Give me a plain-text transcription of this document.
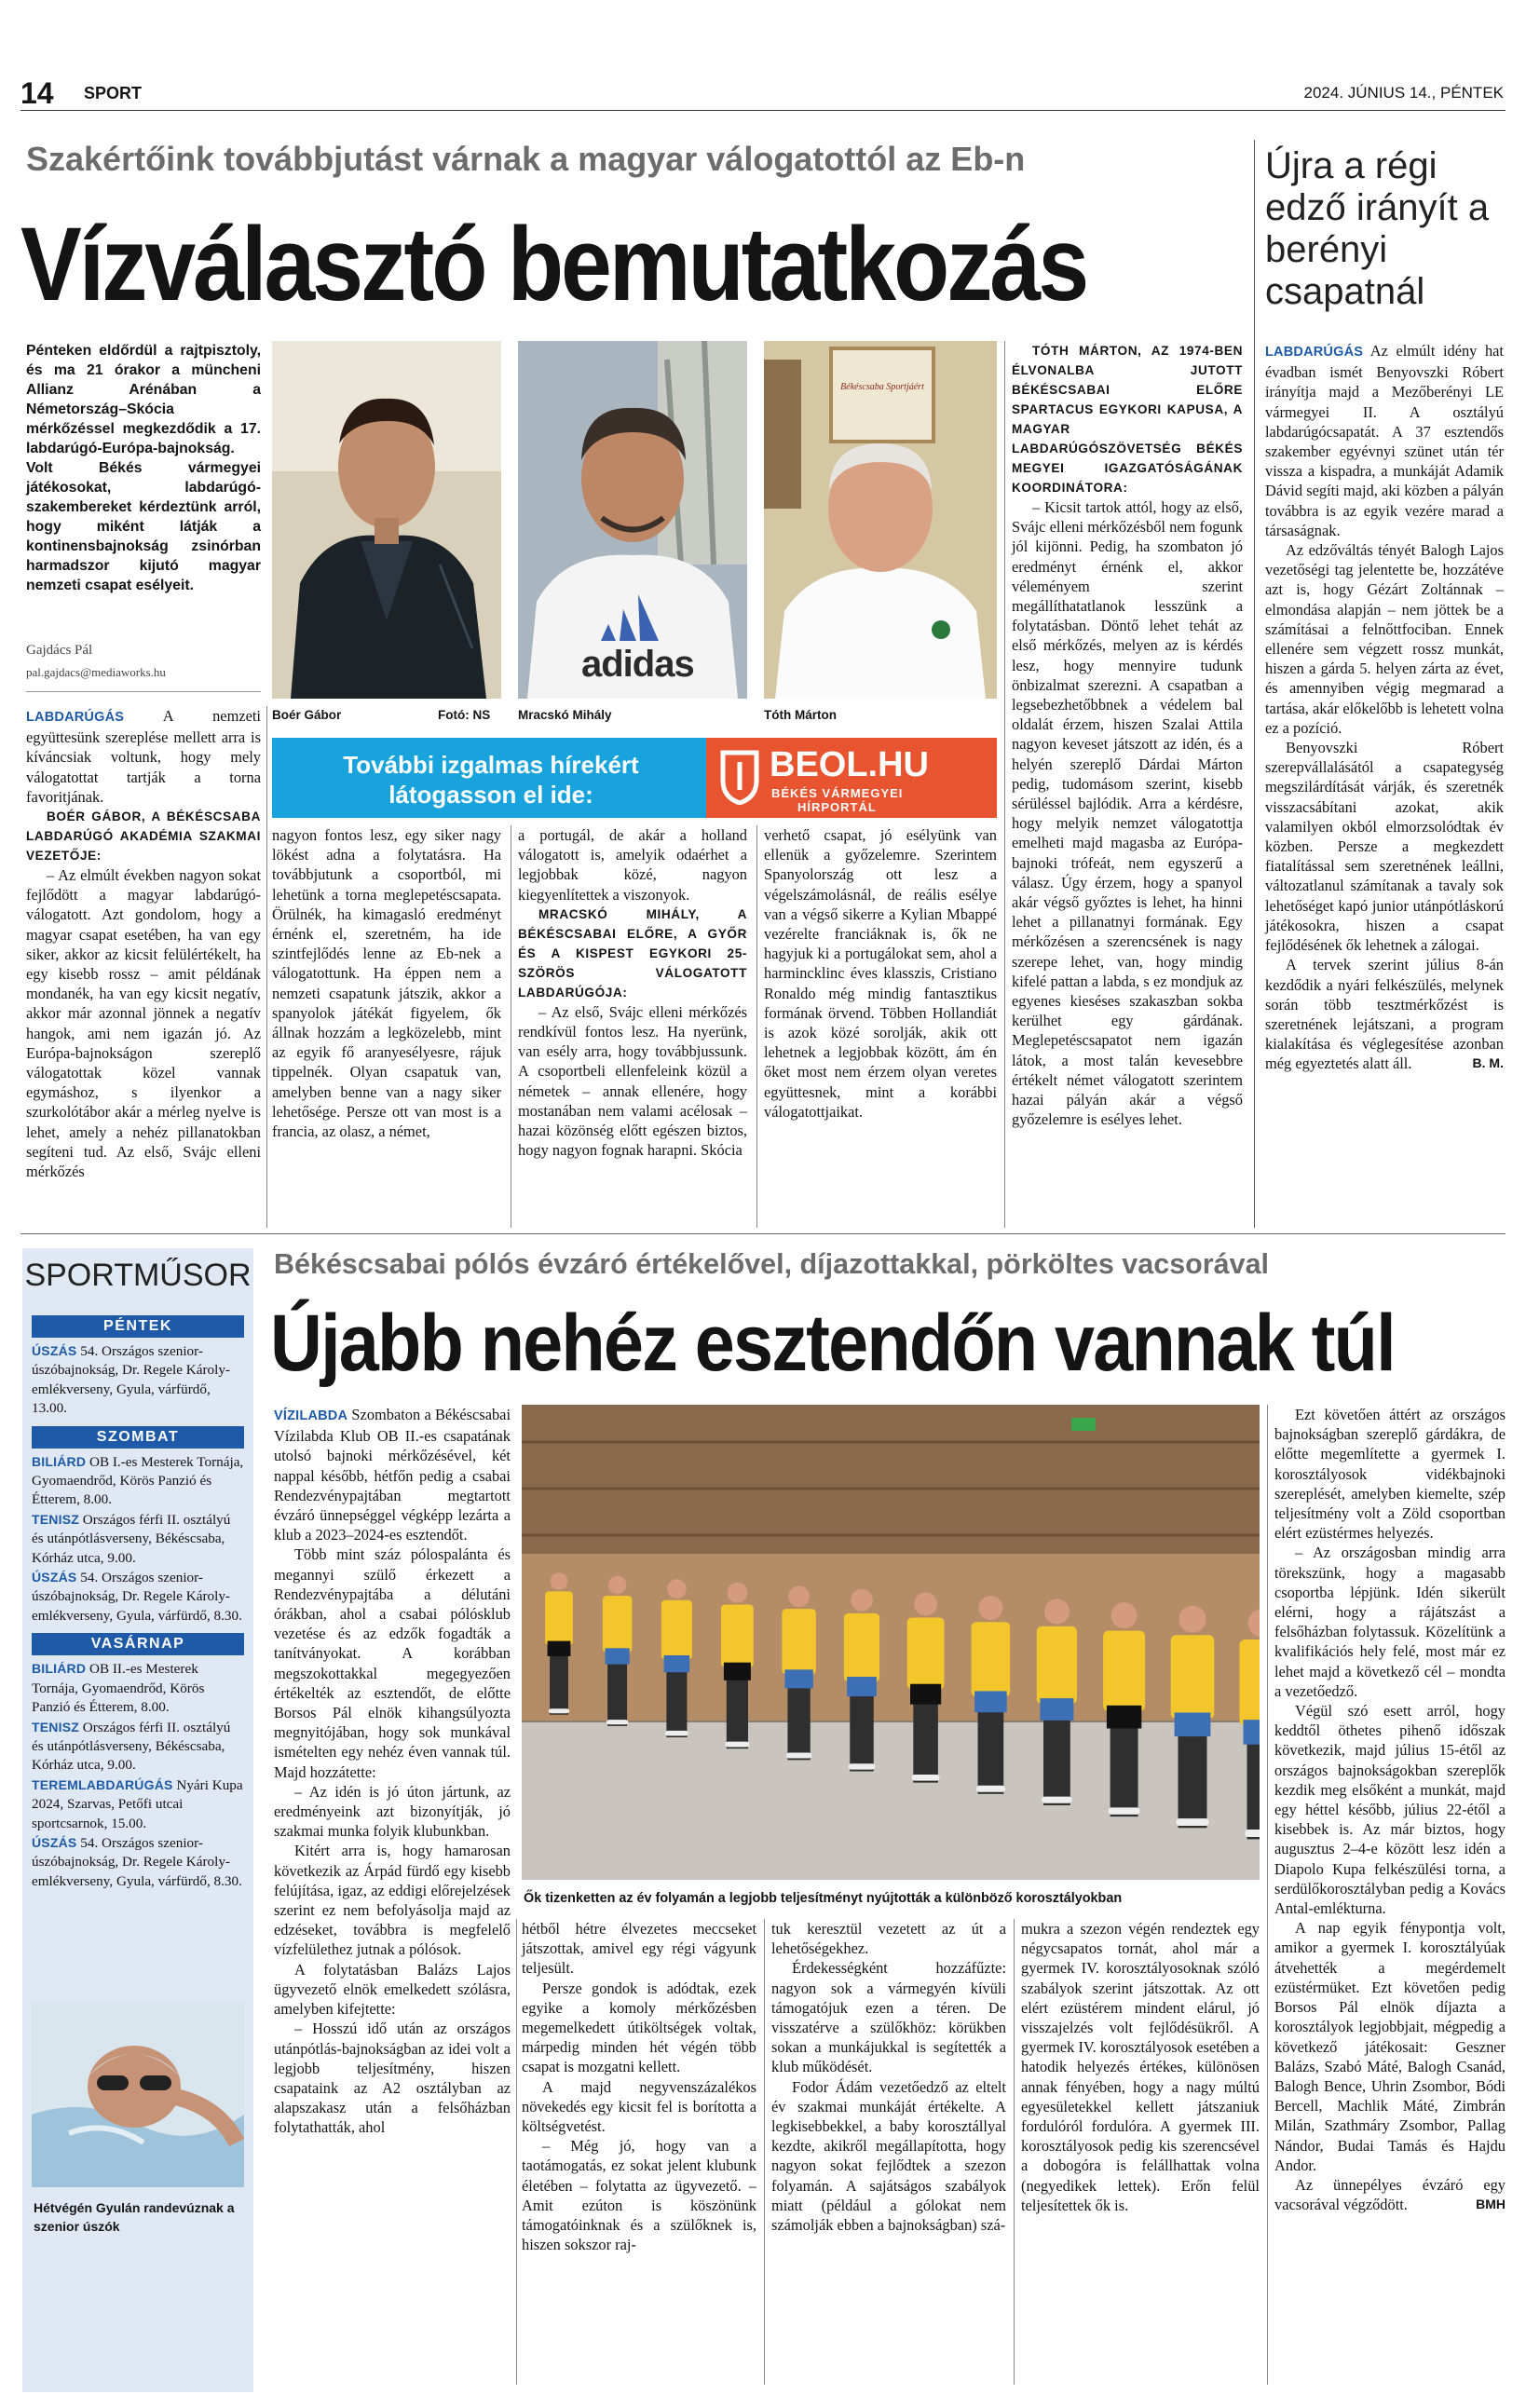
14 SPORT	2024. JÚNIUS 14., PÉNTEK
Szakértőink továbbjutást várnak a magyar válogatottól az Eb-n
Vízválasztó bemutatkozás
Pénteken eldőrdül a rajtpisztoly, és ma 21 órakor a müncheni Allianz Arénában a Németország–Skócia mérkőzéssel megkezdődik a 17. labdarúgó-Európa-bajnokság. Volt Békés vármegyei játékosokat, labdarúgó-szakembereket kérdeztünk arról, hogy miként látják a kontinensbajnokság zsinórban harmadszor kijutó magyar nemzeti csapat esélyeit.
Gajdács Pál
pal.gajdacs@mediaworks.hu	adidas
Békéscsaba Sportjáért
Boér Gábor	Fotó: NS Mracskó Mihály	Tóth Márton
További izgalmas hírekért
látogasson el ide:
BEOL.HU
BÉKÉS VÁRMEGYEI
HÍRPORTÁL

LABDARÚGÁS	A nemzeti együttesünk szereplése mellett arra is kíváncsiak voltunk, hogy mely válogatottat tartják a torna favoritjának.

BOÉR GÁBOR, A BÉKÉSCSABA LABDARÚGÓ AKADÉMIA SZAKMAI VEZETŐJE:

– Az elmúlt években nagyon sokat fejlődött a magyar labdarúgó-válogatott. Azt gondolom, hogy a magyar csapat esetében, ha van egy siker, akkor az kicsit felülértékelt, ha egy kisebb rossz – amit példának mondanék, ha van egy kicsit negatív, akkor már azonnal jönnek a negatív hangok, ami nem igazán jó. Az Európa-bajnokságon szereplő válogatottak közel vannak egymáshoz, s ilyenkor a szurkolótábor akár a mérleg nyelve is lehet, amely a nehéz pillanatokban segíteni tud. Az első, Svájc elleni mérkőzés

nagyon fontos lesz, egy siker nagy lökést adna a folytatásra. Ha továbbjutunk a csoportból, mi lehetünk a torna meglepetéscsapata. Örülnék, ha kimagasló eredményt érnénk el, szeretném, ha ide szintfejlődés lenne az Eb-nek a válogatottunk. Ha éppen nem a nemzeti csapatunk játszik, akkor a spanyolok játékát figyelem, ők állnak hozzám a legközelebb, mint az egyik fő aranyesélyesre, rájuk tippelnék. Olyan csapatuk van, amelyben benne van a nagy siker lehetősége. Persze ott van most is a francia, az olasz, a német,

a portugál, de akár a holland válogatott is, amelyik odaérhet a legjobbak közé, nagyon kiegyenlítettek a viszonyok.

MRACSKÓ MIHÁLY, A BÉKÉSCSABAI ELŐRE, A GYŐR ÉS A KISPEST EGYKORI 25-SZÖRÖS VÁLOGATOTT LABDARÚGÓJA:

– Az első, Svájc elleni mérkőzés rendkívül fontos lesz. Ha nyerünk, van esély arra, hogy továbbjussunk. A csoportbeli ellenfeleink közül a németek – annak ellenére, hogy mostanában nem valami acélosak – hazai közönség előtt egészen biztos, hogy nagyon fognak harapni. Skócia

verhető csapat, jó esélyünk van ellenük a győzelemre. Szerintem Spanyolország ott lesz a végelszámolásnál, de reális esélye van a végső sikerre a Kylian Mbappé vezérelte franciáknak is, ők ne hagyjuk ki a portugálokat sem, ahol a harmincklinc éves klasszis, Cristiano Ronaldo még mindig fantasztikus formának örvend. Többen Hollandiát is azok közé sorolják, akik ott lehetnek a legjobbak között, ám én őket most nem érzem olyan veretes együttesnek, mint a korábbi válogatottjaikat.

TÓTH MÁRTON, AZ 1974-BEN ÉLVONALBA JUTOTT BÉKÉSCSABAI ELŐRE SPARTACUS EGYKORI KAPUSA, A MAGYAR LABDARÚGÓSZÖVETSÉG BÉKÉS MEGYEI IGAZGATÓSÁGÁNAK KOORDINÁTORA:

– Kicsit tartok attól, hogy az első, Svájc elleni mérkőzésből nem fogunk jól kijönni. Pedig, ha szombaton jó eredményt érnénk el, akkor véleményem szerint megállíthatatlanok lesszünk a folytatásban. Döntő lehet tehát az első mérkőzés, melyen az is kérdés lesz, hogy mennyire tudunk önbizalmat szerezni. A csapatban a legsebezhetőbbnek a védelem bal oldalát érzem, hiszen Szalai Attila nagyon keveset játszott az idén, és a helyén szereplő Dárdai Márton pedig, tudomásom szerint, kisebb sérüléssel bajlódik. Arra a kérdésre, hogy melyik nemzet válogatottja emelheti majd magasba az Európa-bajnoki trófeát, nem egyszerű a válasz. Úgy érzem, hogy a spanyol akár végső győztes is lehet, ha hinni lehet a pillanatnyi formának. Egy mérkőzésen a szerencsének is nagy szerepe lehet, van, hogy mindig kifelé pattan a labda, s ez mondjuk az egyenes kieséses szakaszban sokba kerülhet egy gárdának. Meglepetéscsapatot nem igazán látok, a most talán kevesebbre értékelt német válogatott szerintem hazai pályán akár a végső győzelemre is esélyes lehet.

Újra a régi edző irányít a berényi csapatnál

LABDARÚGÁS Az elmúlt idény hat évadban ismét Benyovszki Róbert irányítja majd a Mezőberényi LE vármegyei II. A osztályú labdarúgócsapatát. A 37 esztendős szakember egyévnyi szünet után tér vissza a kispadra, a munkáját Adamik Dávid segíti majd, aki közben a pályán továbbra is az egyik vezére marad a társaságnak.

Az edzőváltás tényét Balogh Lajos vezetőségi tag jelentette be, hozzátéve azt is, hogy Gézárt Zoltánnak – elmondása alapján – nem jöttek be a számításai a felnőttfociban. Ennek ellenére sem végzett rossz munkát, hiszen a gárda 5. helyen zárta az évet, és amennyiben végig megmarad a tartása, akár előkelőbb is lehetett volna ez a pozíció.

Benyovszki Róbert szerepvállalásától a csapategység megszilárdítását várják, és szeretnék visszacsábítani azokat, akik valamilyen okból elmorzsolódtak év közben. Persze a megkezdett fiatalítással sem szeretnének leállni, változatlanul számítanak a tavaly sok lehetőséget kapó junior utánpótláskorú játékosokra, hiszen a csapat fejlődésének ők lehetnek a zálogai.

A tervek szerint július 8-án kezdődik a nyári felkészülés, melynek során több tesztmérkőzést is szeretnének lejátszani, a program kialakítása és véglegesítése azonban még egyeztetés alatt áll.	B. M.

SPORTMŰSOR
PÉNTEK
ÚSZÁS 54. Országos szenior-úszóbajnokság, Dr. Regele Károly-emlékverseny, Gyula, várfürdő, 13.00.
SZOMBAT
BILIÁRD OB I.-es Mesterek Tornája, Gyomaendrőd, Körös Panzió és Étterem, 8.00.
TENISZ Országos férfi II. osztályú és utánpótlásverseny, Békéscsaba, Kórház utca, 9.00.
ÚSZÁS 54. Országos szenior-úszóbajnokság, Dr. Regele Károly-emlékverseny, Gyula, várfürdő, 8.30.
VASÁRNAP
BILIÁRD OB II.-es Mesterek Tornája, Gyomaendrőd, Körös Panzió és Étterem, 8.00.
TENISZ Országos férfi II. osztályú és utánpótlásverseny, Békéscsaba, Kórház utca, 9.00.
TEREMLABDARÚGÁS Nyári Kupa 2024, Szarvas, Petőfi utcai sportcsarnok, 15.00.
ÚSZÁS 54. Országos szenior-úszóbajnokság, Dr. Regele Károly-emlékverseny, Gyula, várfürdő, 8.30.
Hétvégén Gyulán randevúznak a szenior úszók
Békéscsabai pólós évzáró értékelővel, díjazottakkal, pörköltes vacsorával
Újabb nehéz esztendőn vannak túl
Ők tizenketten az év folyamán a legjobb teljesítményt nyújtották a különböző korosztályokban

VÍZILABDA Szombaton a Békéscsabai Vízilabda Klub OB II.-es csapatának utolsó bajnoki mérkőzésével, két nappal később, hétfőn pedig a csabai Rendezvénypajtában megtartott évzáró ünnepséggel végképp lezárta a klub a 2023–2024-es esztendőt.

Több mint száz pólospalánta és megannyi szülő érkezett a Rendezvénypajtába a délutáni órákban, ahol a csabai pólósklub vezetése és az edzők fogadták a tanítványokat. A korábban megszokottakkal megegyezően értékelték az esztendőt, de előtte Borsos Pál elnök kihangsúlyozta megnyitójában, hogy sok munkával ismételten egy nehéz éven vannak túl. Majd hozzátette:

– Az idén is jó úton jártunk, az eredményeink azt bizonyítják, jó szakmai munka folyik klubunkban.

Kitért arra is, hogy hamarosan következik az Árpád fürdő egy kisebb felújítása, igaz, az eddigi előrejelzések szerint ez nem befolyásolja majd az edzéseket, továbbra is megfelelő vízfelülethez jutnak a pólósok.

A folytatásban Balázs Lajos ügyvezető elnök emelkedett szólásra, amelyben kifejtette:

– Hosszú idő után az országos utánpótlás-bajnokságban az idei volt a legjobb teljesítmény, hiszen csapataink az A2 osztályban az alapszakasz után a felsőházban folytathatták, ahol

hétből hétre élvezetes meccseket játszottak, amivel egy régi vágyunk teljesült.

Persze gondok is adódtak, ezek egyike a komoly mérkőzésben megemelkedett útiköltségek voltak, márpedig minden hét végén több csapat is mozgatni kellett.

A majd negyvenszázalékos növekedés egy kicsit fel is borította a költségvetést.

– Még jó, hogy van a taotámogatás, ez sokat jelent klubunk életében – folytatta az ügyvezető. – Amit ezúton is köszönünk támogatóinknak és a szülőknek is, hiszen sokszor raj-

tuk keresztül vezetett az út a lehetőségekhez.

Érdekességként hozzáfűzte: nagyon sok a vármegyén kívüli támogatójuk ezen a téren. De visszatérve a szülőkhöz: körükben sokan a munkájukkal is segítették a klub működését.

Fodor Ádám vezetőedző az eltelt év szakmai munkáját értékelte. A legkisebbekkel, a baby korosztállyal kezdte, akikről megállapította, hogy nagyon sokat fejlődtek a szezon folyamán. A sajátságos szabályok miatt (például a gólokat nem számolják ebben a bajnokságban) szá-

mukra a szezon végén rendeztek egy négycsapatos tornát, ahol már a gyermek IV. korosztályosoknak szóló szabályok szerint játszottak. Az ott elért ezüstérem mindent elárul, jó visszajelzés volt fejlődésükről. A gyermek IV. korosztályosok esetében a hatodik helyezés értékes, különösen annak fényében, hogy a nagy múltú egyesületekkel kellett játszaniuk fordulóról fordulóra. A gyermek III. korosztályosok pedig kis szerencsével a dobogóra is felállhattak volna (negyedikek lettek). Erőn felül teljesítettek ők is.

Ezt követően áttért az országos bajnokságban szereplő gárdákra, de előtte megemlítette a gyermek I. korosztályosok vidékbajnoki szereplését, amelyben kiemelte, szép teljesítmény volt a Zöld csoportban elért ezüstérmes helyezés.

– Az országosban mindig arra törekszünk, hogy a magasabb csoportba lépjünk. Idén sikerült elérni, hogy a rájátszást a felsőházban folytassuk. Közelítünk a kvalifikációs hely felé, most már ez lehet majd a következő cél – mondta a vezetőedző.

Végül szó esett arról, hogy keddtől öthetes pihenő időszak következik, majd július 15-étől az országos bajnokságokban szereplők kezdik meg elsőként a munkát, majd egy héttel később, július 22-étől a kisebbek is. Az már biztos, hogy augusztus 2–4-e között lesz idén a Diapolo Kupa felkészülési torna, a serdülőkorosztályban pedig a Kovács Antal-emlékturna.

A nap egyik fénypontja volt, amikor a gyermek I. korosztályúak átvehették a megérdemelt ezüstérmüket. Ezt követően pedig Borsos Pál elnök díjazta a korosztályok legjobbjait, mégpedig a következő játékosait: Geszner Balázs, Szabó Máté, Balogh Csanád, Balogh Bence, Uhrin Zsombor, Bódi Bercell, Machlik Máté, Zimbrán Milán, Szathmáry Zsombor, Pallag Nándor, Budai Tamás és Hajdu Andor.

Az ünnepélyes évzáró egy vacsorával végződött.	BMH
